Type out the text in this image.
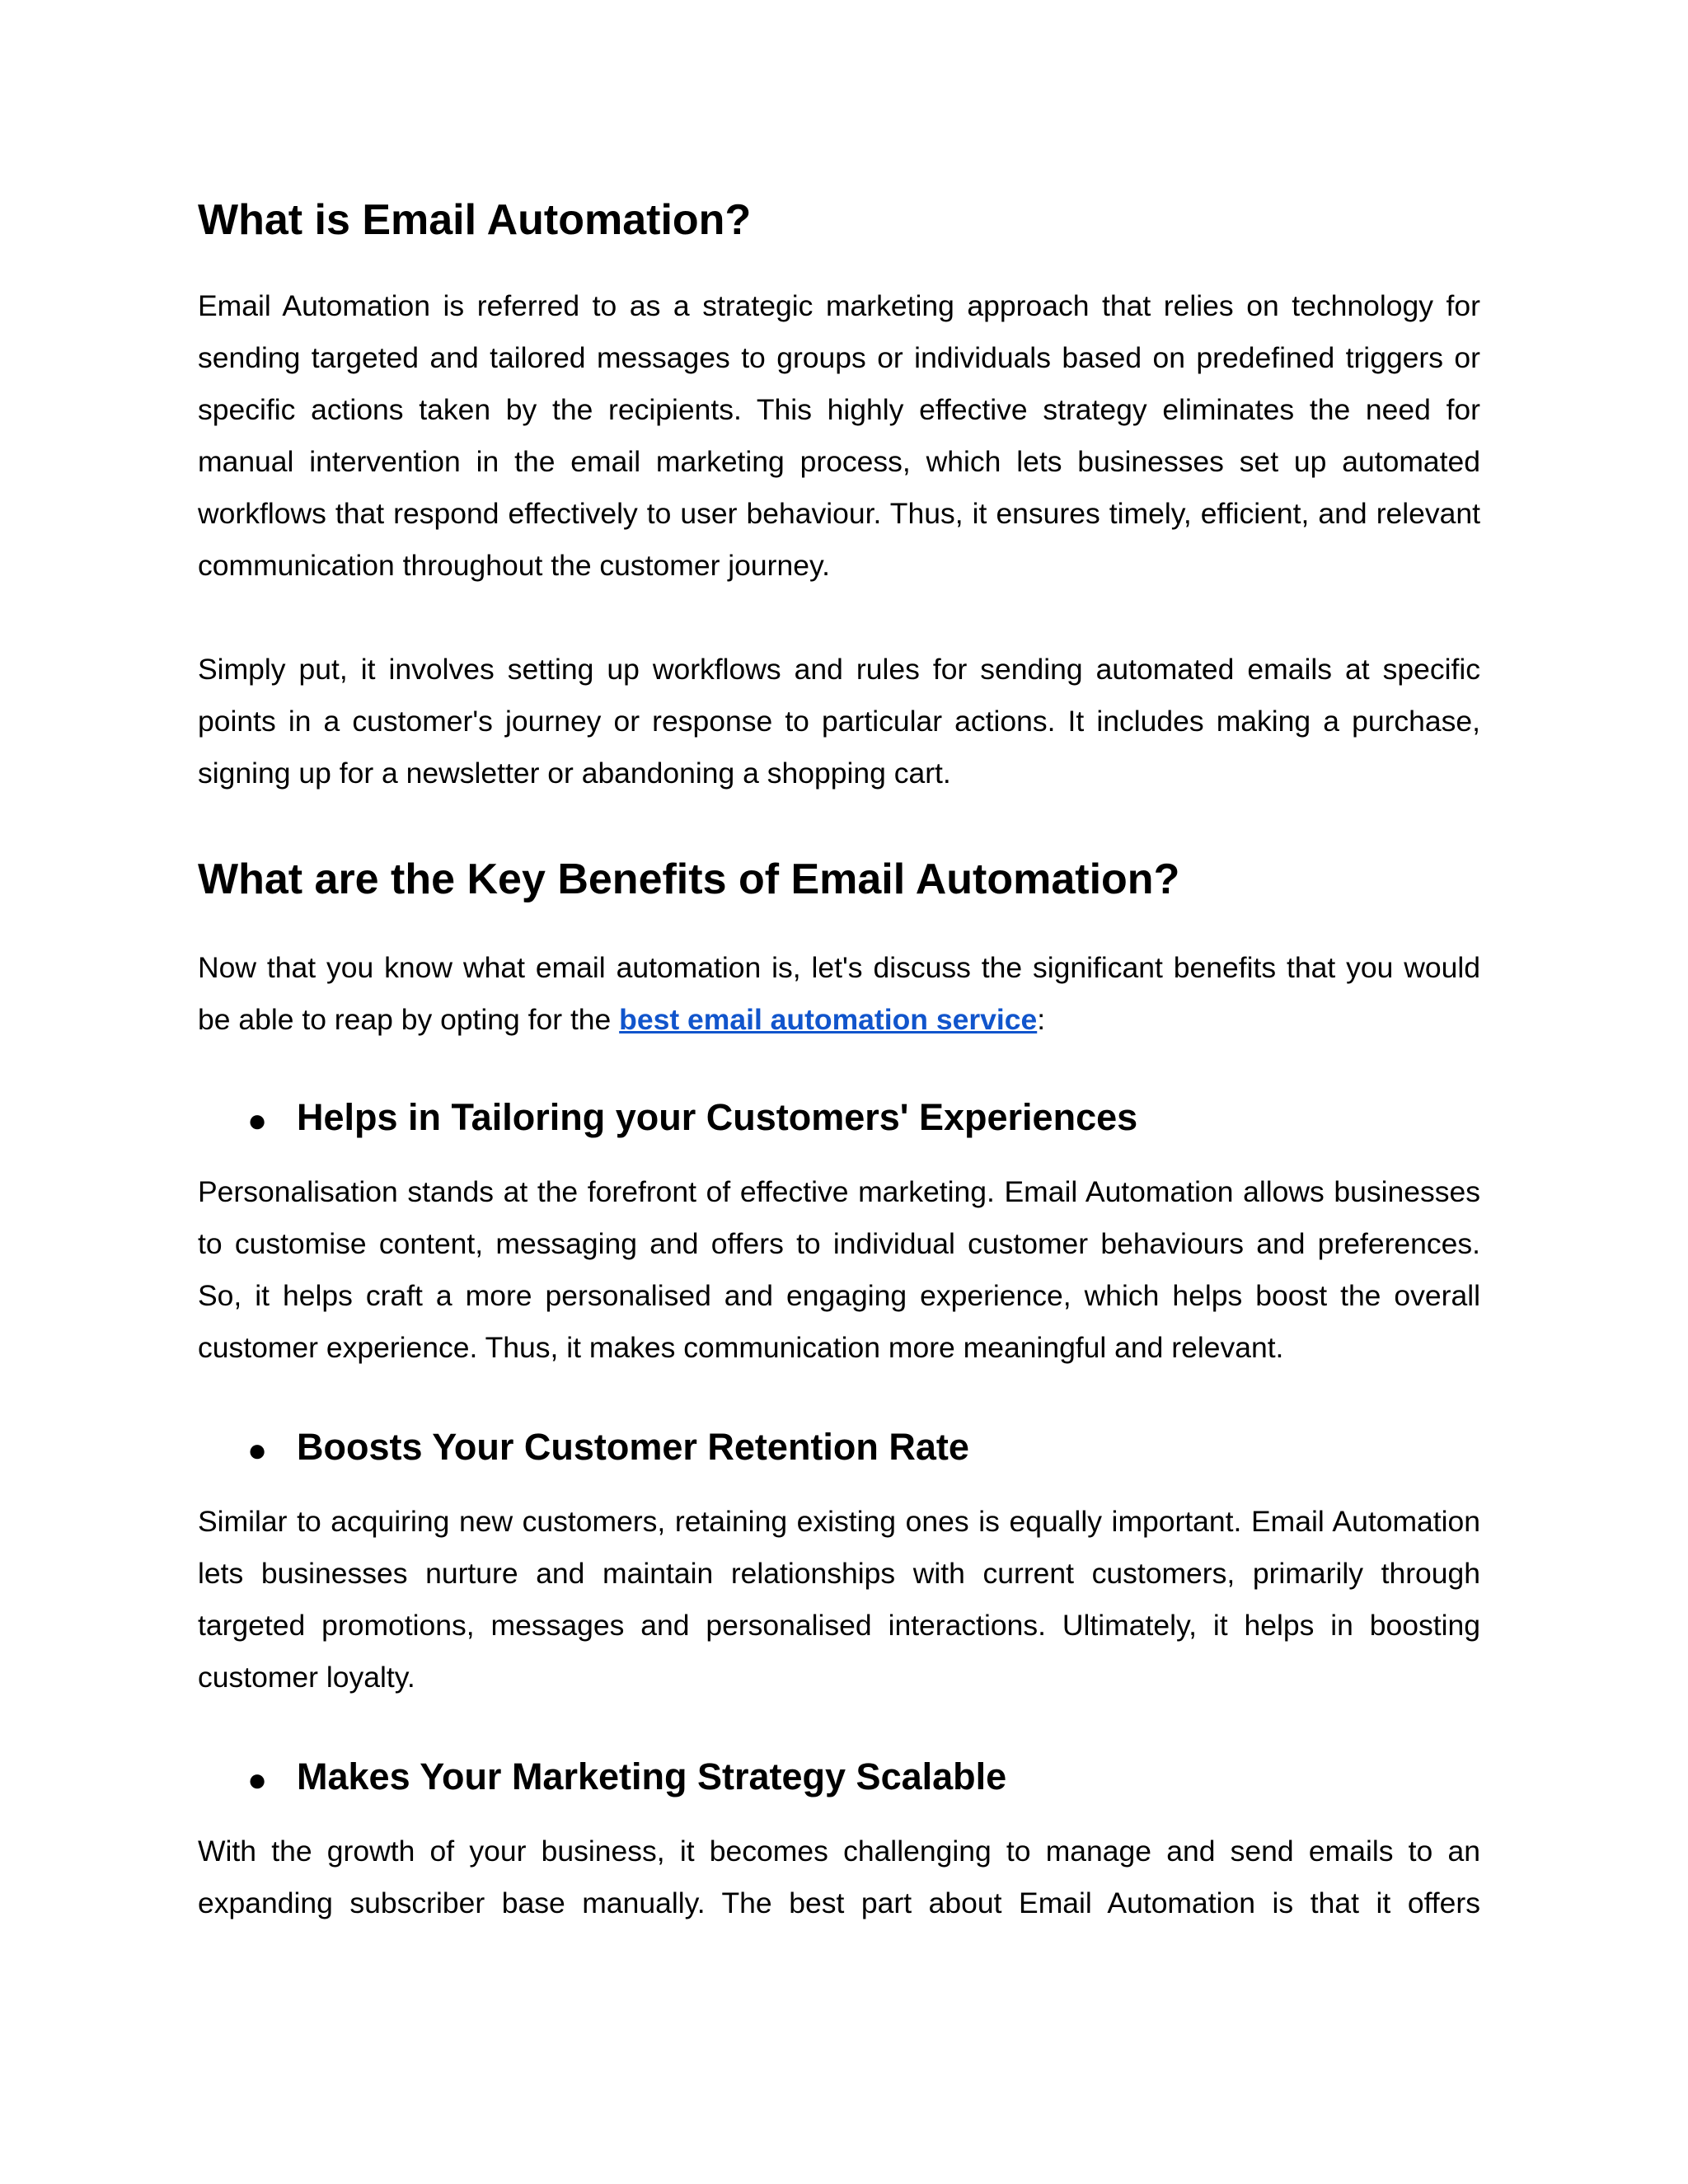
What is Email Automation?

Email Automation is referred to as a strategic marketing approach that relies on technology for sending targeted and tailored messages to groups or individuals based on predefined triggers or specific actions taken by the recipients. This highly effective strategy eliminates the need for manual intervention in the email marketing process, which lets businesses set up automated workflows that respond effectively to user behaviour. Thus, it ensures timely, efficient, and relevant communication throughout the customer journey.

Simply put, it involves setting up workflows and rules for sending automated emails at specific points in a customer's journey or response to particular actions. It includes making a purchase, signing up for a newsletter or abandoning a shopping cart.

What are the Key Benefits of Email Automation?

Now that you know what email automation is, let's discuss the significant benefits that you would be able to reap by opting for the best email automation service:

● Helps in Tailoring your Customers' Experiences

Personalisation stands at the forefront of effective marketing. Email Automation allows businesses to customise content, messaging and offers to individual customer behaviours and preferences. So, it helps craft a more personalised and engaging experience, which helps boost the overall customer experience. Thus, it makes communication more meaningful and relevant.

● Boosts Your Customer Retention Rate

Similar to acquiring new customers, retaining existing ones is equally important. Email Automation lets businesses nurture and maintain relationships with current customers, primarily through targeted promotions, messages and personalised interactions. Ultimately, it helps in boosting customer loyalty.

● Makes Your Marketing Strategy Scalable

With the growth of your business, it becomes challenging to manage and send emails to an expanding subscriber base manually. The best part about Email Automation is that it offers
